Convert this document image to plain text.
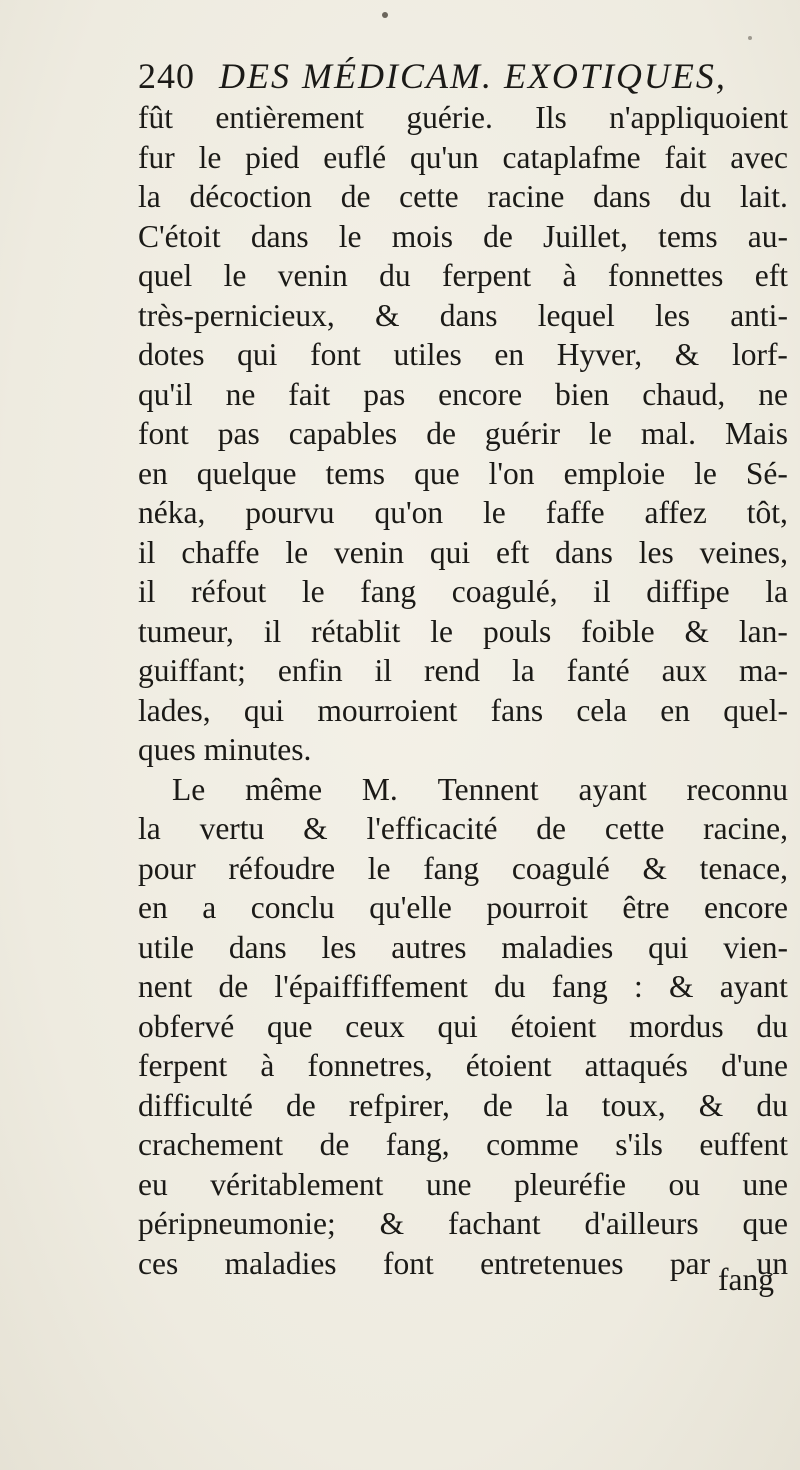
240 DES MÉDICAM. EXOTIQUES,
fût entièrement guérie. Ils n'appliquoient
fur le pied euflé qu'un cataplafme fait avec
la décoction de cette racine dans du lait.
C'étoit dans le mois de Juillet, tems au-
quel le venin du ferpent à fonnettes eft
très-pernicieux, & dans lequel les anti-
dotes qui font utiles en Hyver, & lorf-
qu'il ne fait pas encore bien chaud, ne
font pas capables de guérir le mal. Mais
en quelque tems que l'on emploie le Sé-
néka, pourvu qu'on le faffe affez tôt,
il chaffe le venin qui eft dans les veines,
il réfout le fang coagulé, il diffipe la
tumeur, il rétablit le pouls foible & lan-
guiffant; enfin il rend la fanté aux ma-
lades, qui mourroient fans cela en quel-
ques minutes.
Le même M. Tennent ayant reconnu
la vertu & l'efficacité de cette racine,
pour réfoudre le fang coagulé & tenace,
en a conclu qu'elle pourroit être encore
utile dans les autres maladies qui vien-
nent de l'épaiffiffement du fang : & ayant
obfervé que ceux qui étoient mordus du
ferpent à fonnetres, étoient attaqués d'une
difficulté de refpirer, de la toux, & du
crachement de fang, comme s'ils euffent
eu véritablement une pleuréfie ou une
péripneumonie; & fachant d'ailleurs que
ces maladies font entretenues par un
fang
